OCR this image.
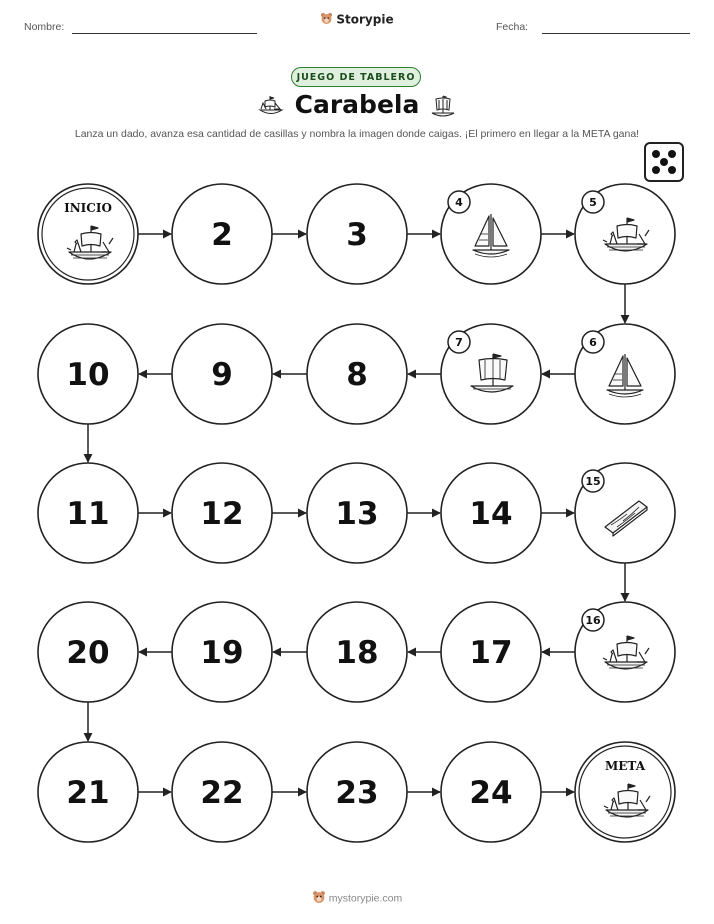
Nombre:
Storypie
Fecha:
JUEGO DE TABLERO
Carabela
Lanza un dado, avanza esa cantidad de casillas y nombra la imagen donde caigas. ¡El primero en llegar a la META gana!
INICIO
2	3
4	5
6
7
8
9
10
11	12	13	14
15
16
17
18
19
20
21	22	23	24
META
mystorypie.com
